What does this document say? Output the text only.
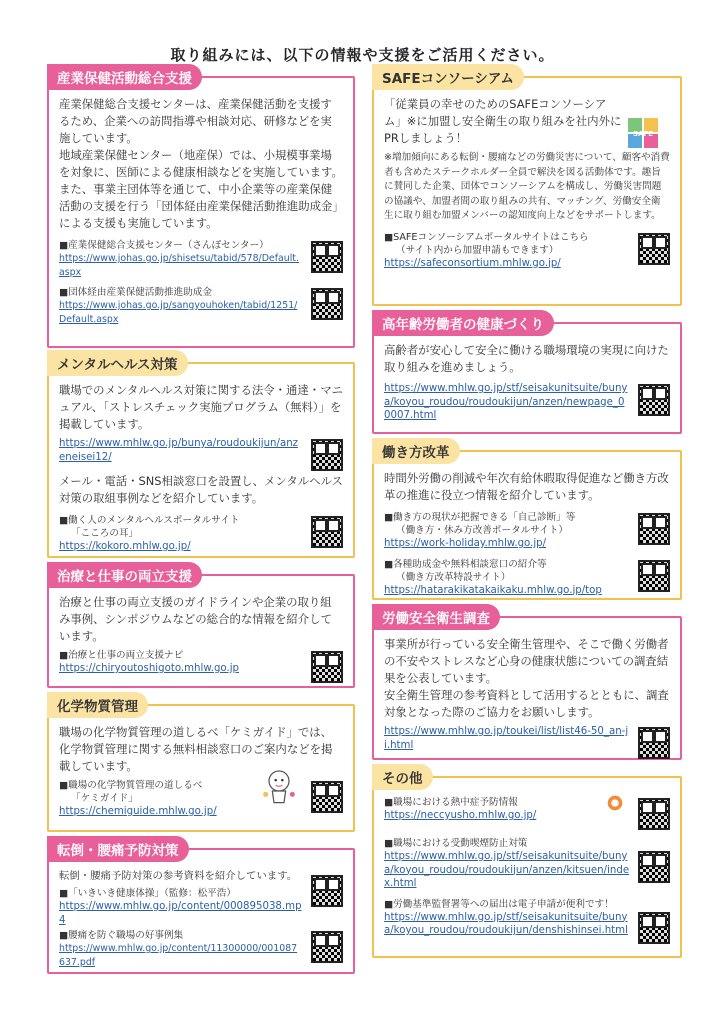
取り組みには、以下の情報や支援をご活用ください。
産業保健活動総合支援

産業保健総合支援センターは、産業保健活動を支援するため、企業への訪問指導や相談対応、研修などを実施しています。

地域産業保健センター（地産保）では、小規模事業場を対象に、医師による健康相談などを実施しています。

また、事業主団体等を通じて、中小企業等の産業保健活動の支援を行う「団体経由産業保健活動推進助成金」による支援も実施しています。

■産業保健総合支援センター（さんぽセンター）
https://www.johas.go.jp/shisetsu/tabid/578/Default.aspx
■団体経由産業保健活動推進助成金
https://www.johas.go.jp/sangyouhoken/tabid/1251/Default.aspx
メンタルヘルス対策

職場でのメンタルヘルス対策に関する法令・通達・マニュアル、「ストレスチェック実施プログラム（無料）」を掲載しています。

https://www.mhlw.go.jp/bunya/roudoukijun/anzeneisei12/

メール・電話・SNS相談窓口を設置し、メンタルヘルス対策の取組事例などを紹介しています。

■働く人のメンタルヘルスポータルサイト
「こころの耳」
https://kokoro.mhlw.go.jp/
治療と仕事の両立支援

治療と仕事の両立支援のガイドラインや企業の取り組み事例、シンポジウムなどの総合的な情報を紹介しています。

■治療と仕事の両立支援ナビ
https://chiryoutoshigoto.mhlw.go.jp
化学物質管理

職場の化学物質管理の道しるべ「ケミガイド」では、化学物質管理に関する無料相談窓口のご案内などを掲載しています。

■職場の化学物質管理の道しるべ
「ケミガイド」
https://chemiguide.mhlw.go.jp/
転倒・腰痛予防対策

転倒・腰痛予防対策の参考資料を紹介しています。

■「いきいき健康体操」（監修：松平浩）
https://www.mhlw.go.jp/content/000895038.mp4
■腰痛を防ぐ職場の好事例集
https://www.mhlw.go.jp/content/11300000/001087637.pdf
SAFEコンソーシアム

「従業員の幸せのためのSAFEコンソーシアム」※に加盟し安全衛生の取り組みを社内外にPRしましょう！	SAFE

※増加傾向にある転倒・腰痛などの労働災害について、顧客や消費者も含めたステークホルダー全員で解決を図る活動体です。趣旨に賛同した企業、団体でコンソーシアムを構成し、労働災害問題の協議や、加盟者間の取り組みの共有、マッチング、労働安全衛生に取り組む加盟メンバーの認知度向上などをサポートします。

■SAFEコンソーシアムポータルサイトはこちら
（サイト内から加盟申請もできます）
https://safeconsortium.mhlw.go.jp/
高年齢労働者の健康づくり

高齢者が安心して安全に働ける職場環境の実現に向けた取り組みを進めましょう。

https://www.mhlw.go.jp/stf/seisakunitsuite/bunya/koyou_roudou/roudoukijun/anzen/newpage_00007.html
働き方改革

時間外労働の削減や年次有給休暇取得促進など働き方改革の推進に役立つ情報を紹介しています。

■働き方の現状が把握できる「自己診断」等
（働き方・休み方改善ポータルサイト）
https://work-holiday.mhlw.go.jp/
■各種助成金や無料相談窓口の紹介等
（働き方改革特設サイト）
https://hatarakikatakaikaku.mhlw.go.jp/top
労働安全衛生調査

事業所が行っている安全衛生管理や、そこで働く労働者の不安やストレスなど心身の健康状態についての調査結果を公表しています。

安全衛生管理の参考資料として活用するとともに、調査対象となった際のご協力をお願いします。

https://www.mhlw.go.jp/toukei/list/list46-50_an-ji.html
その他
■職場における熱中症予防情報
https://neccyusho.mhlw.go.jp/
■職場における受動喫煙防止対策
https://www.mhlw.go.jp/stf/seisakunitsuite/bunya/koyou_roudou/roudoukijun/anzen/kitsuen/index.html
■労働基準監督署等への届出は電子申請が便利です！
https://www.mhlw.go.jp/stf/seisakunitsuite/bunya/koyou_roudou/roudoukijun/denshishinsei.html
